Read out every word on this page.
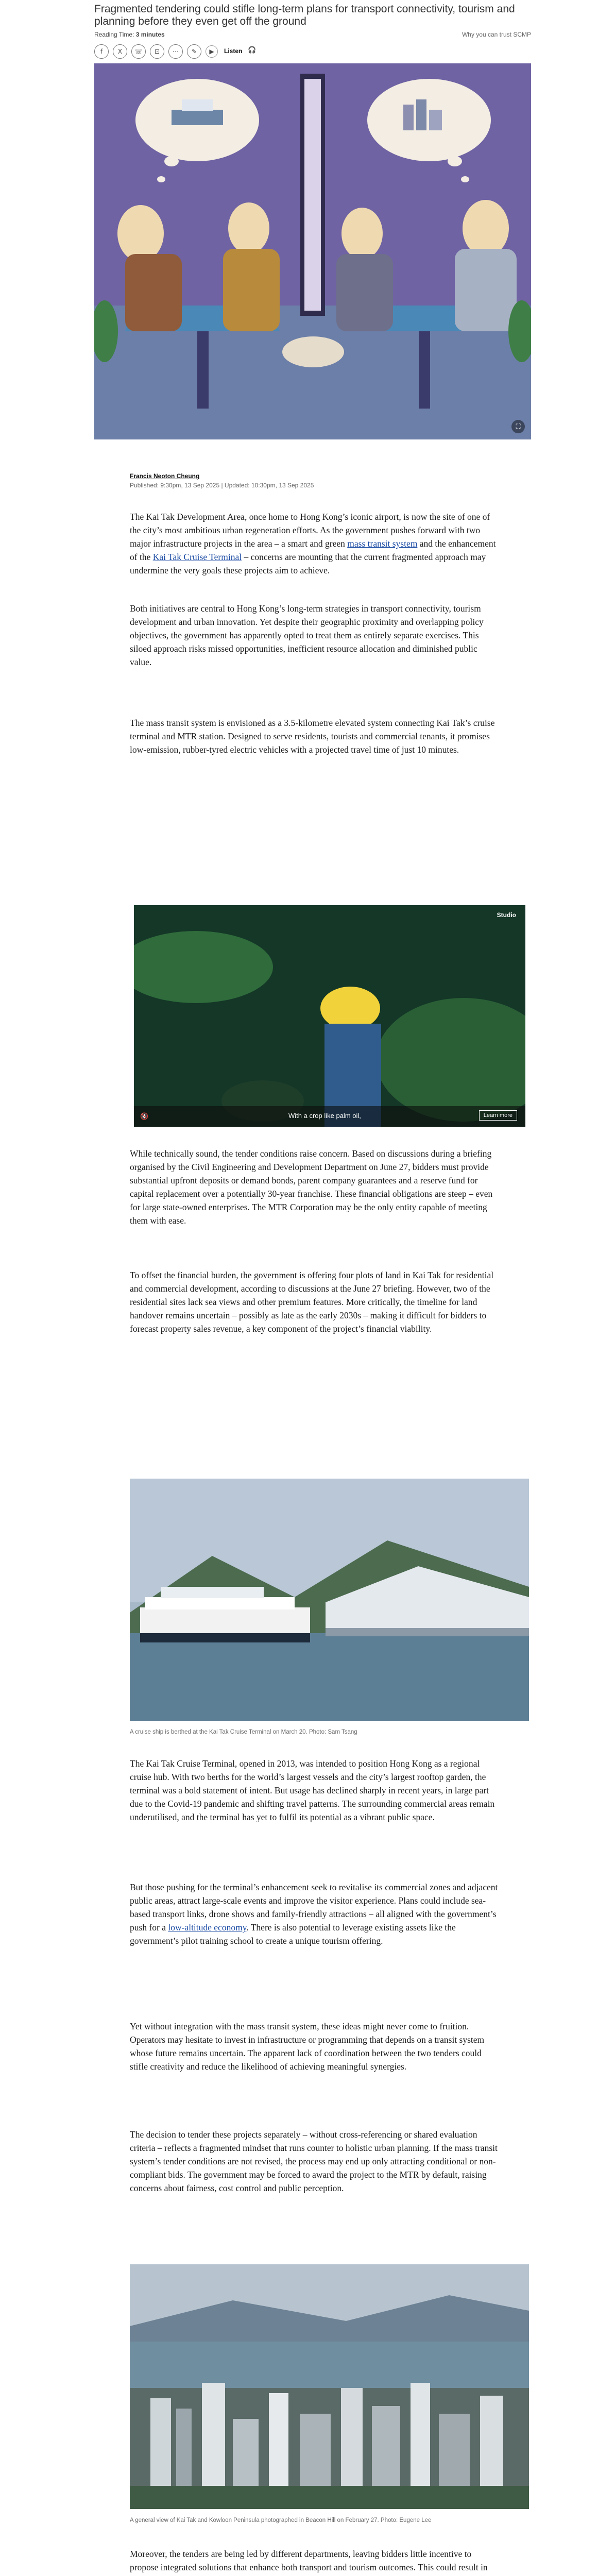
Fragmented tendering could stifle long-term plans for transport connectivity, tourism and planning before they even get off the ground
Reading Time: 3 minutes	Why you can trust SCMP
f	X	☏	⊡	⋯	✎	▶	Listen 🎧
⛶
Francis Neoton Cheung
Published: 9:30pm, 13 Sep 2025 | Updated: 10:30pm, 13 Sep 2025

The Kai Tak Development Area, once home to Hong Kong’s iconic airport, is now the site of one of the city’s most ambitious urban regeneration efforts. As the government pushes forward with two major infrastructure projects in the area – a smart and green mass transit system and the enhancement of the Kai Tak Cruise Terminal – concerns are mounting that the current fragmented approach may undermine the very goals these projects aim to achieve.

Both initiatives are central to Hong Kong’s long-term strategies in transport connectivity, tourism development and urban innovation. Yet despite their geographic proximity and overlapping policy objectives, the government has apparently opted to treat them as entirely separate exercises. This siloed approach risks missed opportunities, inefficient resource allocation and diminished public value.

The mass transit system is envisioned as a 3.5-kilometre elevated system connecting Kai Tak’s cruise terminal and MTR station. Designed to serve residents, tourists and commercial tenants, it promises low-emission, rubber-tyred electric vehicles with a projected travel time of just 10 minutes.

Studio
With a crop like palm oil,	Learn more
🔇

While technically sound, the tender conditions raise concern. Based on discussions during a briefing organised by the Civil Engineering and Development Department on June 27, bidders must provide substantial upfront deposits or demand bonds, parent company guarantees and a reserve fund for capital replacement over a potentially 30-year franchise. These financial obligations are steep – even for large state-owned enterprises. The MTR Corporation may be the only entity capable of meeting them with ease.

To offset the financial burden, the government is offering four plots of land in Kai Tak for residential and commercial development, according to discussions at the June 27 briefing. However, two of the residential sites lack sea views and other premium features. More critically, the timeline for land handover remains uncertain – possibly as late as the early 2030s – making it difficult for bidders to forecast property sales revenue, a key component of the project’s financial viability.

A cruise ship is berthed at the Kai Tak Cruise Terminal on March 20. Photo: Sam Tsang

The Kai Tak Cruise Terminal, opened in 2013, was intended to position Hong Kong as a regional cruise hub. With two berths for the world’s largest vessels and the city’s largest rooftop garden, the terminal was a bold statement of intent. But usage has declined sharply in recent years, in large part due to the Covid-19 pandemic and shifting travel patterns. The surrounding commercial areas remain underutilised, and the terminal has yet to fulfil its potential as a vibrant public space.

But those pushing for the terminal’s enhancement seek to revitalise its commercial zones and adjacent public areas, attract large-scale events and improve the visitor experience. Plans could include sea-based transport links, drone shows and family-friendly attractions – all aligned with the government’s push for a low-altitude economy. There is also potential to leverage existing assets like the government’s pilot training school to create a unique tourism offering.

Yet without integration with the mass transit system, these ideas might never come to fruition. Operators may hesitate to invest in infrastructure or programming that depends on a transit system whose future remains uncertain. The apparent lack of coordination between the two tenders could stifle creativity and reduce the likelihood of achieving meaningful synergies.

The decision to tender these projects separately – without cross-referencing or shared evaluation criteria – reflects a fragmented mindset that runs counter to holistic urban planning. If the mass transit system’s tender conditions are not revised, the process may end up only attracting conditional or non-compliant bids. The government may be forced to award the project to the MTR by default, raising concerns about fairness, cost control and public perception.

A general view of Kai Tak and Kowloon Peninsula photographed in Beacon Hill on February 27. Photo: Eugene Lee

Moreover, the tenders are being led by different departments, leaving bidders little incentive to propose integrated solutions that enhance both transport and tourism outcomes. This could result in
